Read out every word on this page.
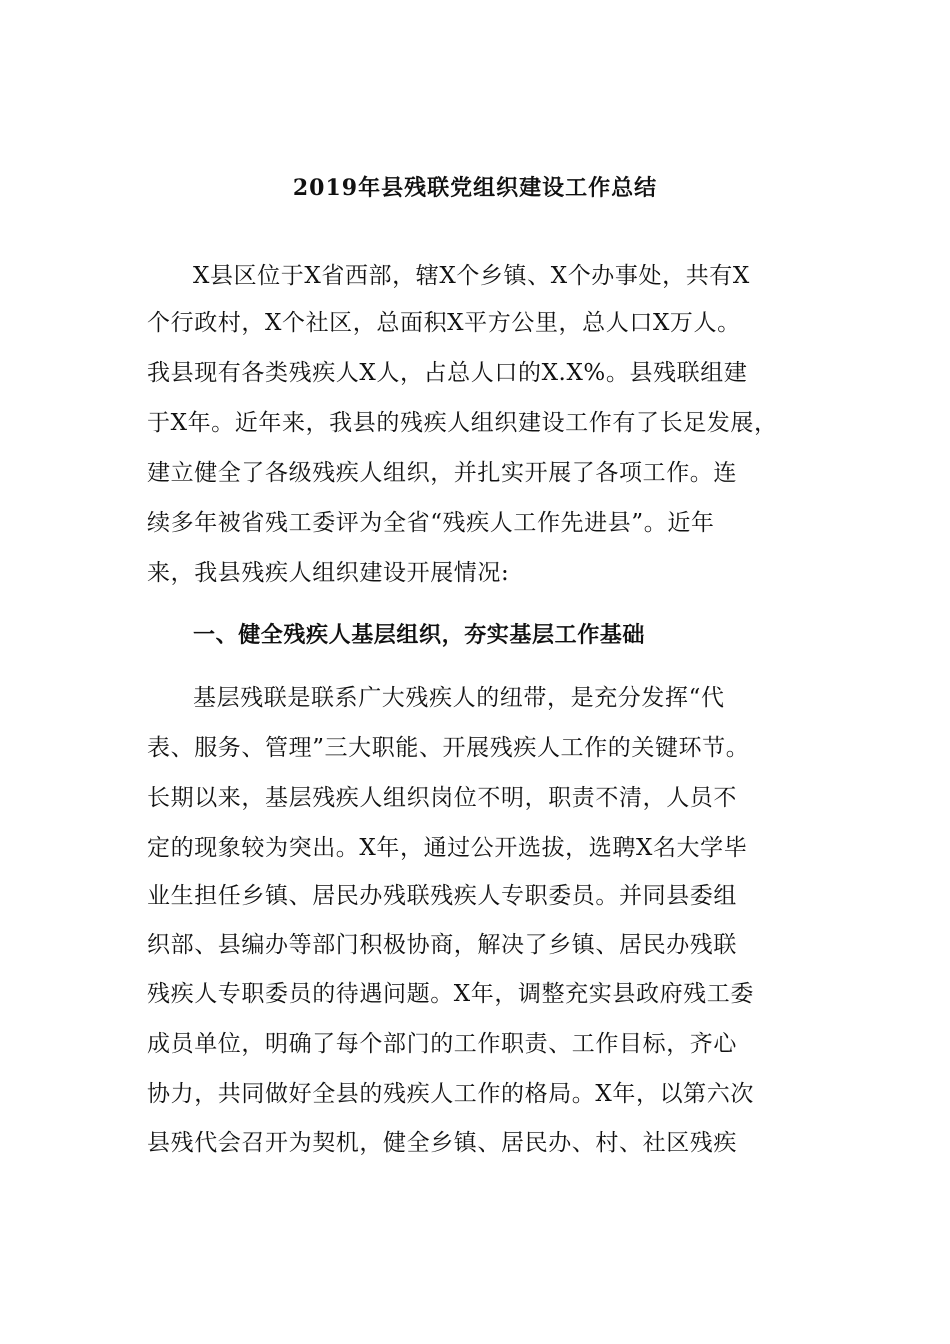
2019年县残联党组织建设工作总结
X县区位于X省西部，辖X个乡镇、X个办事处，共有X
个行政村，X个社区，总面积X平方公里，总人口X万人。
我县现有各类残疾人X人，占总人口的X.X%。县残联组建
于X年。近年来，我县的残疾人组织建设工作有了长足发展，
建立健全了各级残疾人组织，并扎实开展了各项工作。连
续多年被省残工委评为全省“残疾人工作先进县”。近年
来，我县残疾人组织建设开展情况:
一、健全残疾人基层组织，夯实基层工作基础
基层残联是联系广大残疾人的纽带，是充分发挥“代
表、服务、管理”三大职能、开展残疾人工作的关键环节。
长期以来，基层残疾人组织岗位不明，职责不清，人员不
定的现象较为突出。X年，通过公开选拔，选聘X名大学毕
业生担任乡镇、居民办残联残疾人专职委员。并同县委组
织部、县编办等部门积极协商，解决了乡镇、居民办残联
残疾人专职委员的待遇问题。X年，调整充实县政府残工委
成员单位，明确了每个部门的工作职责、工作目标，齐心
协力，共同做好全县的残疾人工作的格局。X年，以第六次
县残代会召开为契机，健全乡镇、居民办、村、社区残疾
